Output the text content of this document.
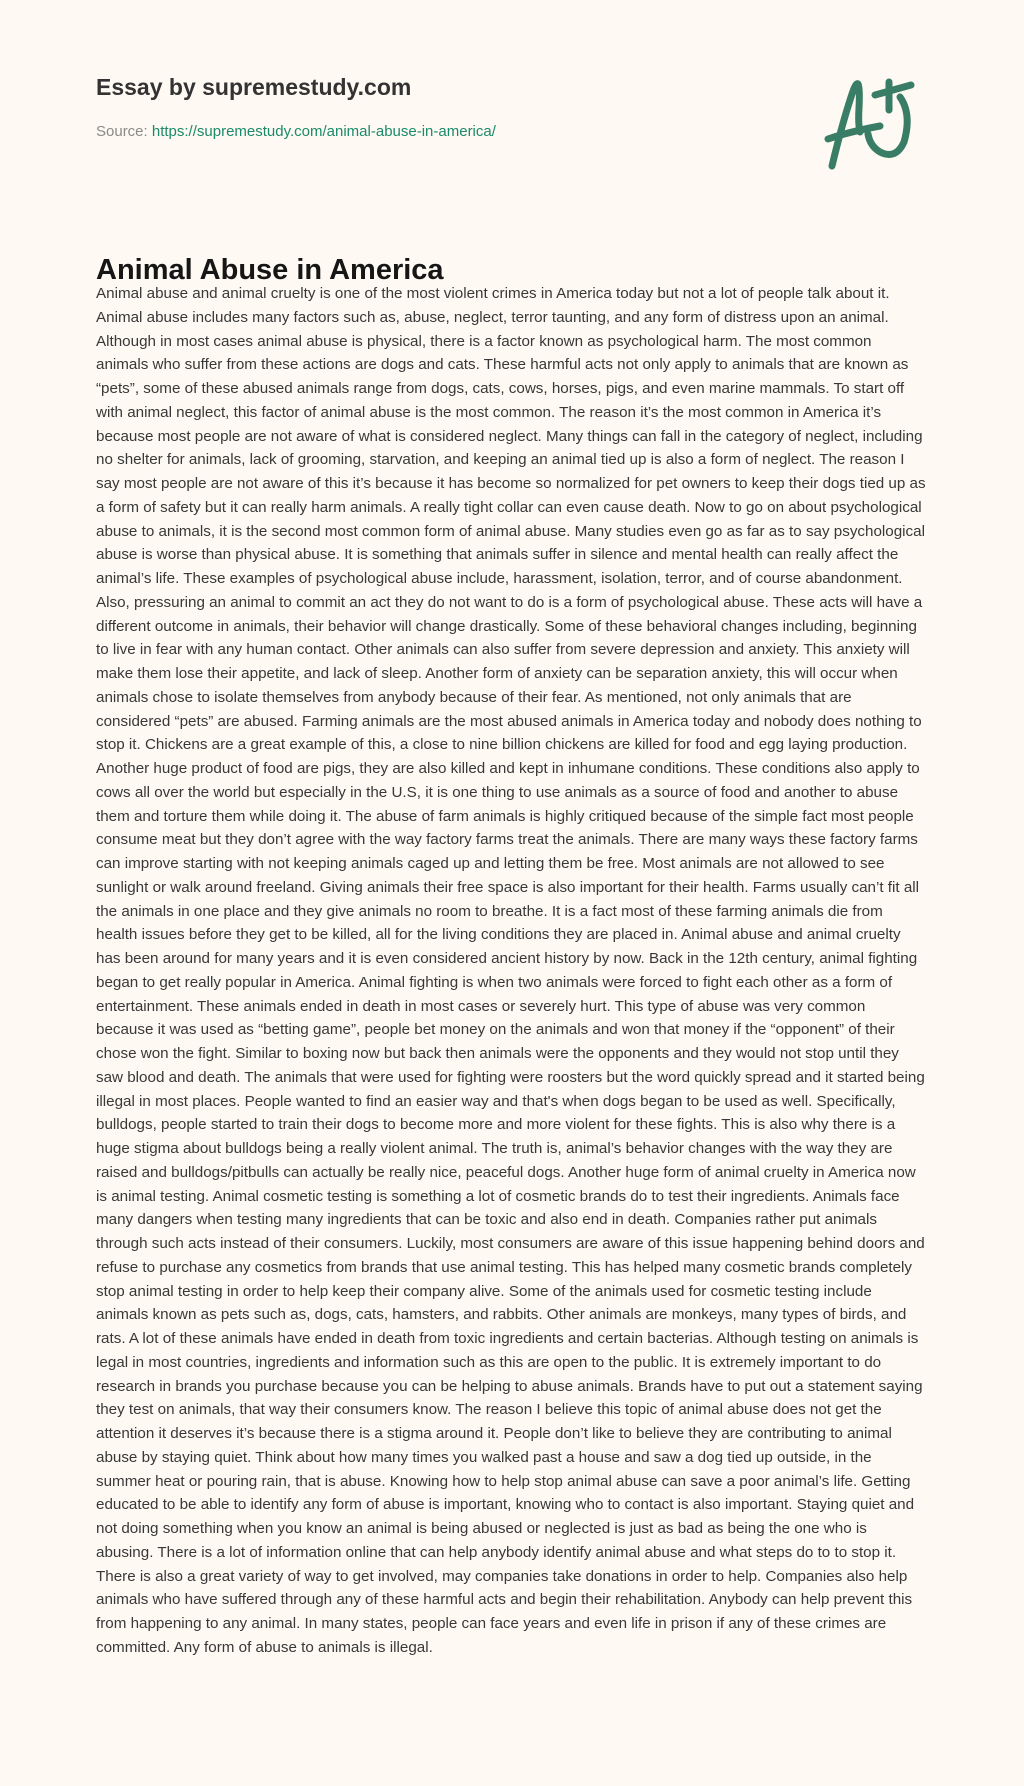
Essay by supremestudy.com
Source: https://supremestudy.com/animal-abuse-in-america/
Animal Abuse in America

Animal abuse and animal cruelty is one of the most violent crimes in America today but not a lot of people talk about it. Animal abuse includes many factors such as, abuse, neglect, terror taunting, and any form of distress upon an animal. Although in most cases animal abuse is physical, there is a factor known as psychological harm. The most common animals who suffer from these actions are dogs and cats. These harmful acts not only apply to animals that are known as “pets”, some of these abused animals range from dogs, cats, cows, horses, pigs, and even marine mammals. To start off with animal neglect, this factor of animal abuse is the most common. The reason it’s the most common in America it’s because most people are not aware of what is considered neglect. Many things can fall in the category of neglect, including no shelter for animals, lack of grooming, starvation, and keeping an animal tied up is also a form of neglect. The reason I say most people are not aware of this it’s because it has become so normalized for pet owners to keep their dogs tied up as a form of safety but it can really harm animals. A really tight collar can even cause death. Now to go on about psychological abuse to animals, it is the second most common form of animal abuse. Many studies even go as far as to say psychological abuse is worse than physical abuse. It is something that animals suffer in silence and mental health can really affect the animal’s life. These examples of psychological abuse include, harassment, isolation, terror, and of course abandonment. Also, pressuring an animal to commit an act they do not want to do is a form of psychological abuse. These acts will have a different outcome in animals, their behavior will change drastically. Some of these behavioral changes including, beginning to live in fear with any human contact. Other animals can also suffer from severe depression and anxiety. This anxiety will make them lose their appetite, and lack of sleep. Another form of anxiety can be separation anxiety, this will occur when animals chose to isolate themselves from anybody because of their fear. As mentioned, not only animals that are considered “pets” are abused. Farming animals are the most abused animals in America today and nobody does nothing to stop it. Chickens are a great example of this, a close to nine billion chickens are killed for food and egg laying production. Another huge product of food are pigs, they are also killed and kept in inhumane conditions. These conditions also apply to cows all over the world but especially in the U.S, it is one thing to use animals as a source of food and another to abuse them and torture them while doing it. The abuse of farm animals is highly critiqued because of the simple fact most people consume meat but they don’t agree with the way factory farms treat the animals. There are many ways these factory farms can improve starting with not keeping animals caged up and letting them be free. Most animals are not allowed to see sunlight or walk around freeland. Giving animals their free space is also important for their health. Farms usually can’t fit all the animals in one place and they give animals no room to breathe. It is a fact most of these farming animals die from health issues before they get to be killed, all for the living conditions they are placed in. Animal abuse and animal cruelty has been around for many years and it is even considered ancient history by now. Back in the 12th century, animal fighting began to get really popular in America. Animal fighting is when two animals were forced to fight each other as a form of entertainment. These animals ended in death in most cases or severely hurt. This type of abuse was very common because it was used as “betting game”, people bet money on the animals and won that money if the “opponent” of their chose won the fight. Similar to boxing now but back then animals were the opponents and they would not stop until they saw blood and death. The animals that were used for fighting were roosters but the word quickly spread and it started being illegal in most places. People wanted to find an easier way and that's when dogs began to be used as well. Specifically, bulldogs, people started to train their dogs to become more and more violent for these fights. This is also why there is a huge stigma about bulldogs being a really violent animal. The truth is, animal’s behavior changes with the way they are raised and bulldogs/pitbulls can actually be really nice, peaceful dogs. Another huge form of animal cruelty in America now is animal testing. Animal cosmetic testing is something a lot of cosmetic brands do to test their ingredients. Animals face many dangers when testing many ingredients that can be toxic and also end in death. Companies rather put animals through such acts instead of their consumers. Luckily, most consumers are aware of this issue happening behind doors and refuse to purchase any cosmetics from brands that use animal testing. This has helped many cosmetic brands completely stop animal testing in order to help keep their company alive. Some of the animals used for cosmetic testing include animals known as pets such as, dogs, cats, hamsters, and rabbits. Other animals are monkeys, many types of birds, and rats. A lot of these animals have ended in death from toxic ingredients and certain bacterias. Although testing on animals is legal in most countries, ingredients and information such as this are open to the public. It is extremely important to do research in brands you purchase because you can be helping to abuse animals. Brands have to put out a statement saying they test on animals, that way their consumers know. The reason I believe this topic of animal abuse does not get the attention it deserves it’s because there is a stigma around it. People don’t like to believe they are contributing to animal abuse by staying quiet. Think about how many times you walked past a house and saw a dog tied up outside, in the summer heat or pouring rain, that is abuse. Knowing how to help stop animal abuse can save a poor animal’s life. Getting educated to be able to identify any form of abuse is important, knowing who to contact is also important. Staying quiet and not doing something when you know an animal is being abused or neglected is just as bad as being the one who is abusing. There is a lot of information online that can help anybody identify animal abuse and what steps do to to stop it. There is also a great variety of way to get involved, may companies take donations in order to help. Companies also help animals who have suffered through any of these harmful acts and begin their rehabilitation. Anybody can help prevent this from happening to any animal. In many states, people can face years and even life in prison if any of these crimes are committed. Any form of abuse to animals is illegal.
